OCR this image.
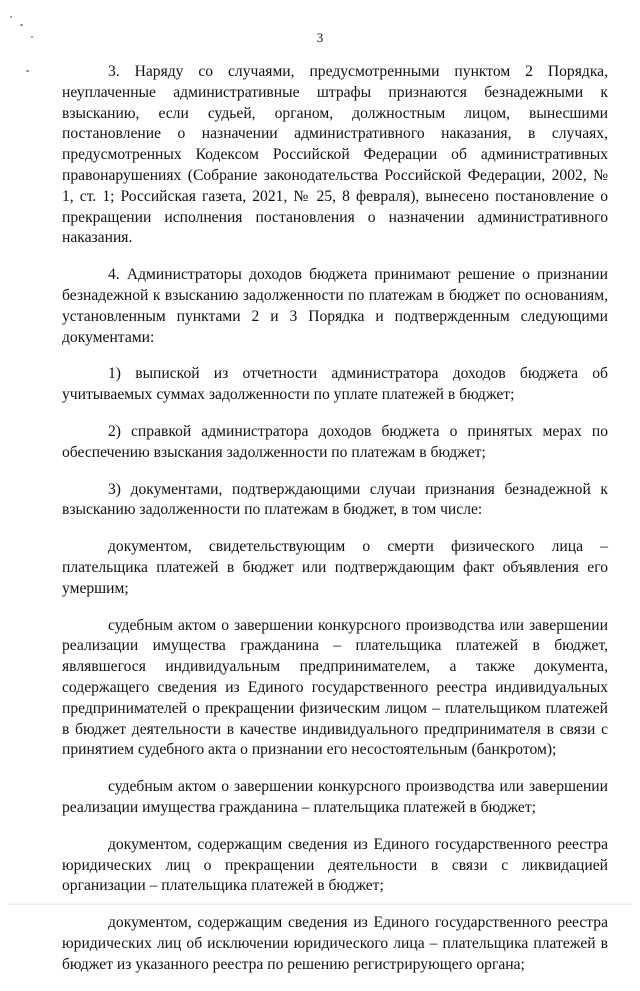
3

3. Наряду со случаями, предусмотренными пунктом 2 Порядка, неуплаченные административные штрафы признаются безнадежными к взысканию, если судьей, органом, должностным лицом, вынесшими постановление о назначении административного наказания, в случаях, предусмотренных Кодексом Российской Федерации об административных правонарушениях (Собрание законодательства Российской Федерации, 2002, № 1, ст. 1; Российская газета, 2021, № 25, 8 февраля), вынесено постановление о прекращении исполнения постановления о назначении административного наказания.

4. Администраторы доходов бюджета принимают решение о признании безнадежной к взысканию задолженности по платежам в бюджет по основаниям, установленным пунктами 2 и 3 Порядка и подтвержденным следующими документами:

1) выпиской из отчетности администратора доходов бюджета об учитываемых суммах задолженности по уплате платежей в бюджет;

2) справкой администратора доходов бюджета о принятых мерах по обеспечению взыскания задолженности по платежам в бюджет;

3) документами, подтверждающими случаи признания безнадежной к взысканию задолженности по платежам в бюджет, в том числе:

документом, свидетельствующим о смерти физического лица – плательщика платежей в бюджет или подтверждающим факт объявления его умершим;

судебным актом о завершении конкурсного производства или завершении реализации имущества гражданина – плательщика платежей в бюджет, являвшегося индивидуальным предпринимателем, а также документа, содержащего сведения из Единого государственного реестра индивидуальных предпринимателей о прекращении физическим лицом – плательщиком платежей в бюджет деятельности в качестве индивидуального предпринимателя в связи с принятием судебного акта о признании его несостоятельным (банкротом);

судебным актом о завершении конкурсного производства или завершении реализации имущества гражданина – плательщика платежей в бюджет;

документом, содержащим сведения из Единого государственного реестра юридических лиц о прекращении деятельности в связи с ликвидацией организации – плательщика платежей в бюджет;

документом, содержащим сведения из Единого государственного реестра юридических лиц об исключении юридического лица – плательщика платежей в бюджет из указанного реестра по решению регистрирующего органа;
